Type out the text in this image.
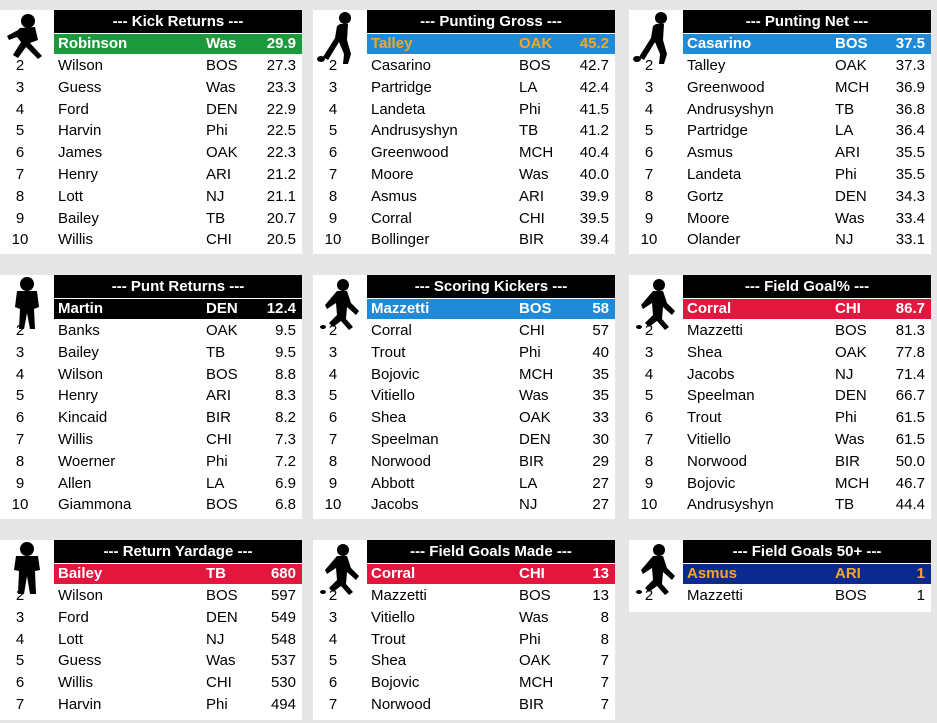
--- Kick Returns ---
Robinson	Was 29.9
2	Wilson	BOS 27.3
3	Guess	Was 23.3
4	Ford	DEN 22.9
5	Harvin	Phi	22.5
6	James	OAK 22.3
7	Henry	ARI 21.2
8	Lott	NJ	21.1
9	Bailey	TB	20.7
10	Willis	CHI 20.5
--- Punting Gross ---
Talley	OAK 45.2
2	Casarino	BOS 42.7
3	Partridge	LA	42.4
4	Landeta	Phi	41.5
5	Andrusyshyn	TB	41.2
6	Greenwood	MCH 40.4
7	Moore	Was 40.0
8	Asmus	ARI 39.9
9	Corral	CHI 39.5
10	Bollinger	BIR 39.4
--- Punting Net ---
Casarino	BOS 37.5
2	Talley	OAK 37.3
3	Greenwood	MCH 36.9
4	Andrusyshyn	TB	36.8
5	Partridge	LA	36.4
6	Asmus	ARI 35.5
7	Landeta	Phi	35.5
8	Gortz	DEN 34.3
9	Moore	Was 33.4
10	Olander	NJ	33.1
--- Punt Returns ---
Martin	DEN 12.4
2	Banks	OAK 9.5
3	Bailey	TB	9.5
4	Wilson	BOS 8.8
5	Henry	ARI	8.3
6	Kincaid	BIR	8.2
7	Willis	CHI	7.3
8	Woerner	Phi	7.2
9	Allen	LA	6.9
10	Giammona	BOS 6.8
--- Scoring Kickers ---
Mazzetti	BOS	58
2	Corral	CHI	57
3	Trout	Phi	40
4	Bojovic	MCH	35
5	Vitiello	Was	35
6	Shea	OAK	33
7	Speelman	DEN	30
8	Norwood	BIR	29
9	Abbott	LA	27
10	Jacobs	NJ	27
--- Field Goal% ---
Corral	CHI 86.7
2	Mazzetti	BOS 81.3
3	Shea	OAK 77.8
4	Jacobs	NJ	71.4
5	Speelman	DEN 66.7
6	Trout	Phi	61.5
7	Vitiello	Was 61.5
8	Norwood	BIR 50.0
9	Bojovic	MCH 46.7
10	Andrusyshyn	TB	44.4
--- Return Yardage ---
Bailey	TB	680
2	Wilson	BOS 597
3	Ford	DEN 549
4	Lott	NJ	548
5	Guess	Was 537
6	Willis	CHI	530
7	Harvin	Phi	494
--- Field Goals Made ---
Corral	CHI	13
2	Mazzetti	BOS	13
3	Vitiello	Was	8
4	Trout	Phi	8
5	Shea	OAK	7
6	Bojovic	MCH	7
7	Norwood	BIR	7
--- Field Goals 50+ ---
Asmus	ARI	1
2	Mazzetti	BOS	1
